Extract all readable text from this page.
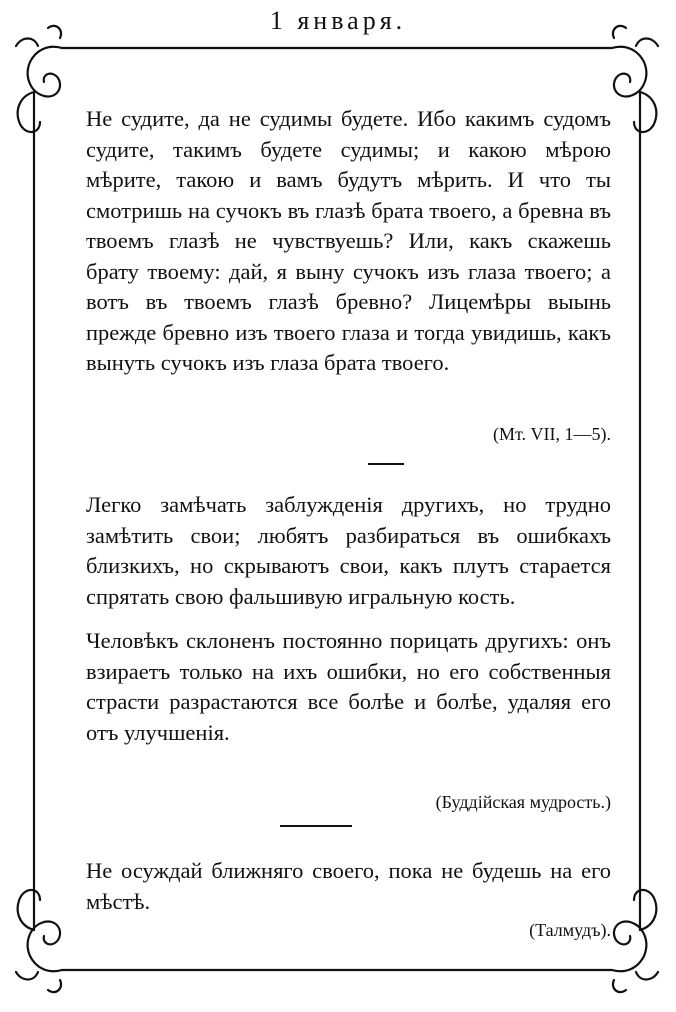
1 января.

Не судите, да не судимы будете. Ибо какимъ судомъ судите, такимъ будете судимы; и какою мѣрою мѣрите, такою и вамъ будутъ мѣрить. И что ты смотришь на сучокъ въ глазѣ брата твоего, а бревна въ твоемъ глазѣ не чувствуешь? Или, какъ скажешь брату твоему: дай, я выну сучокъ изъ глаза твоего; а вотъ въ твоемъ глазѣ бревно? Лицемѣры выынь прежде бревно изъ твоего глаза и тогда увидишь, какъ вынуть сучокъ изъ глаза брата твоего.

(Мт. VII, 1—5).

Легко замѣчать заблужденія другихъ, но трудно замѣтить свои; любятъ разбираться въ ошибкахъ близкихъ, но скрываютъ свои, какъ плутъ старается спрятать свою фальшивую игральную кость.

Человѣкъ склоненъ постоянно порицать другихъ: онъ взираетъ только на ихъ ошибки, но его собственныя страсти разрастаются все болѣе и болѣе, удаляя его отъ улучшенія.

(Буддійская мудрость.)

Не осуждай ближняго своего, пока не будешь на его мѣстѣ.

(Талмудъ).
